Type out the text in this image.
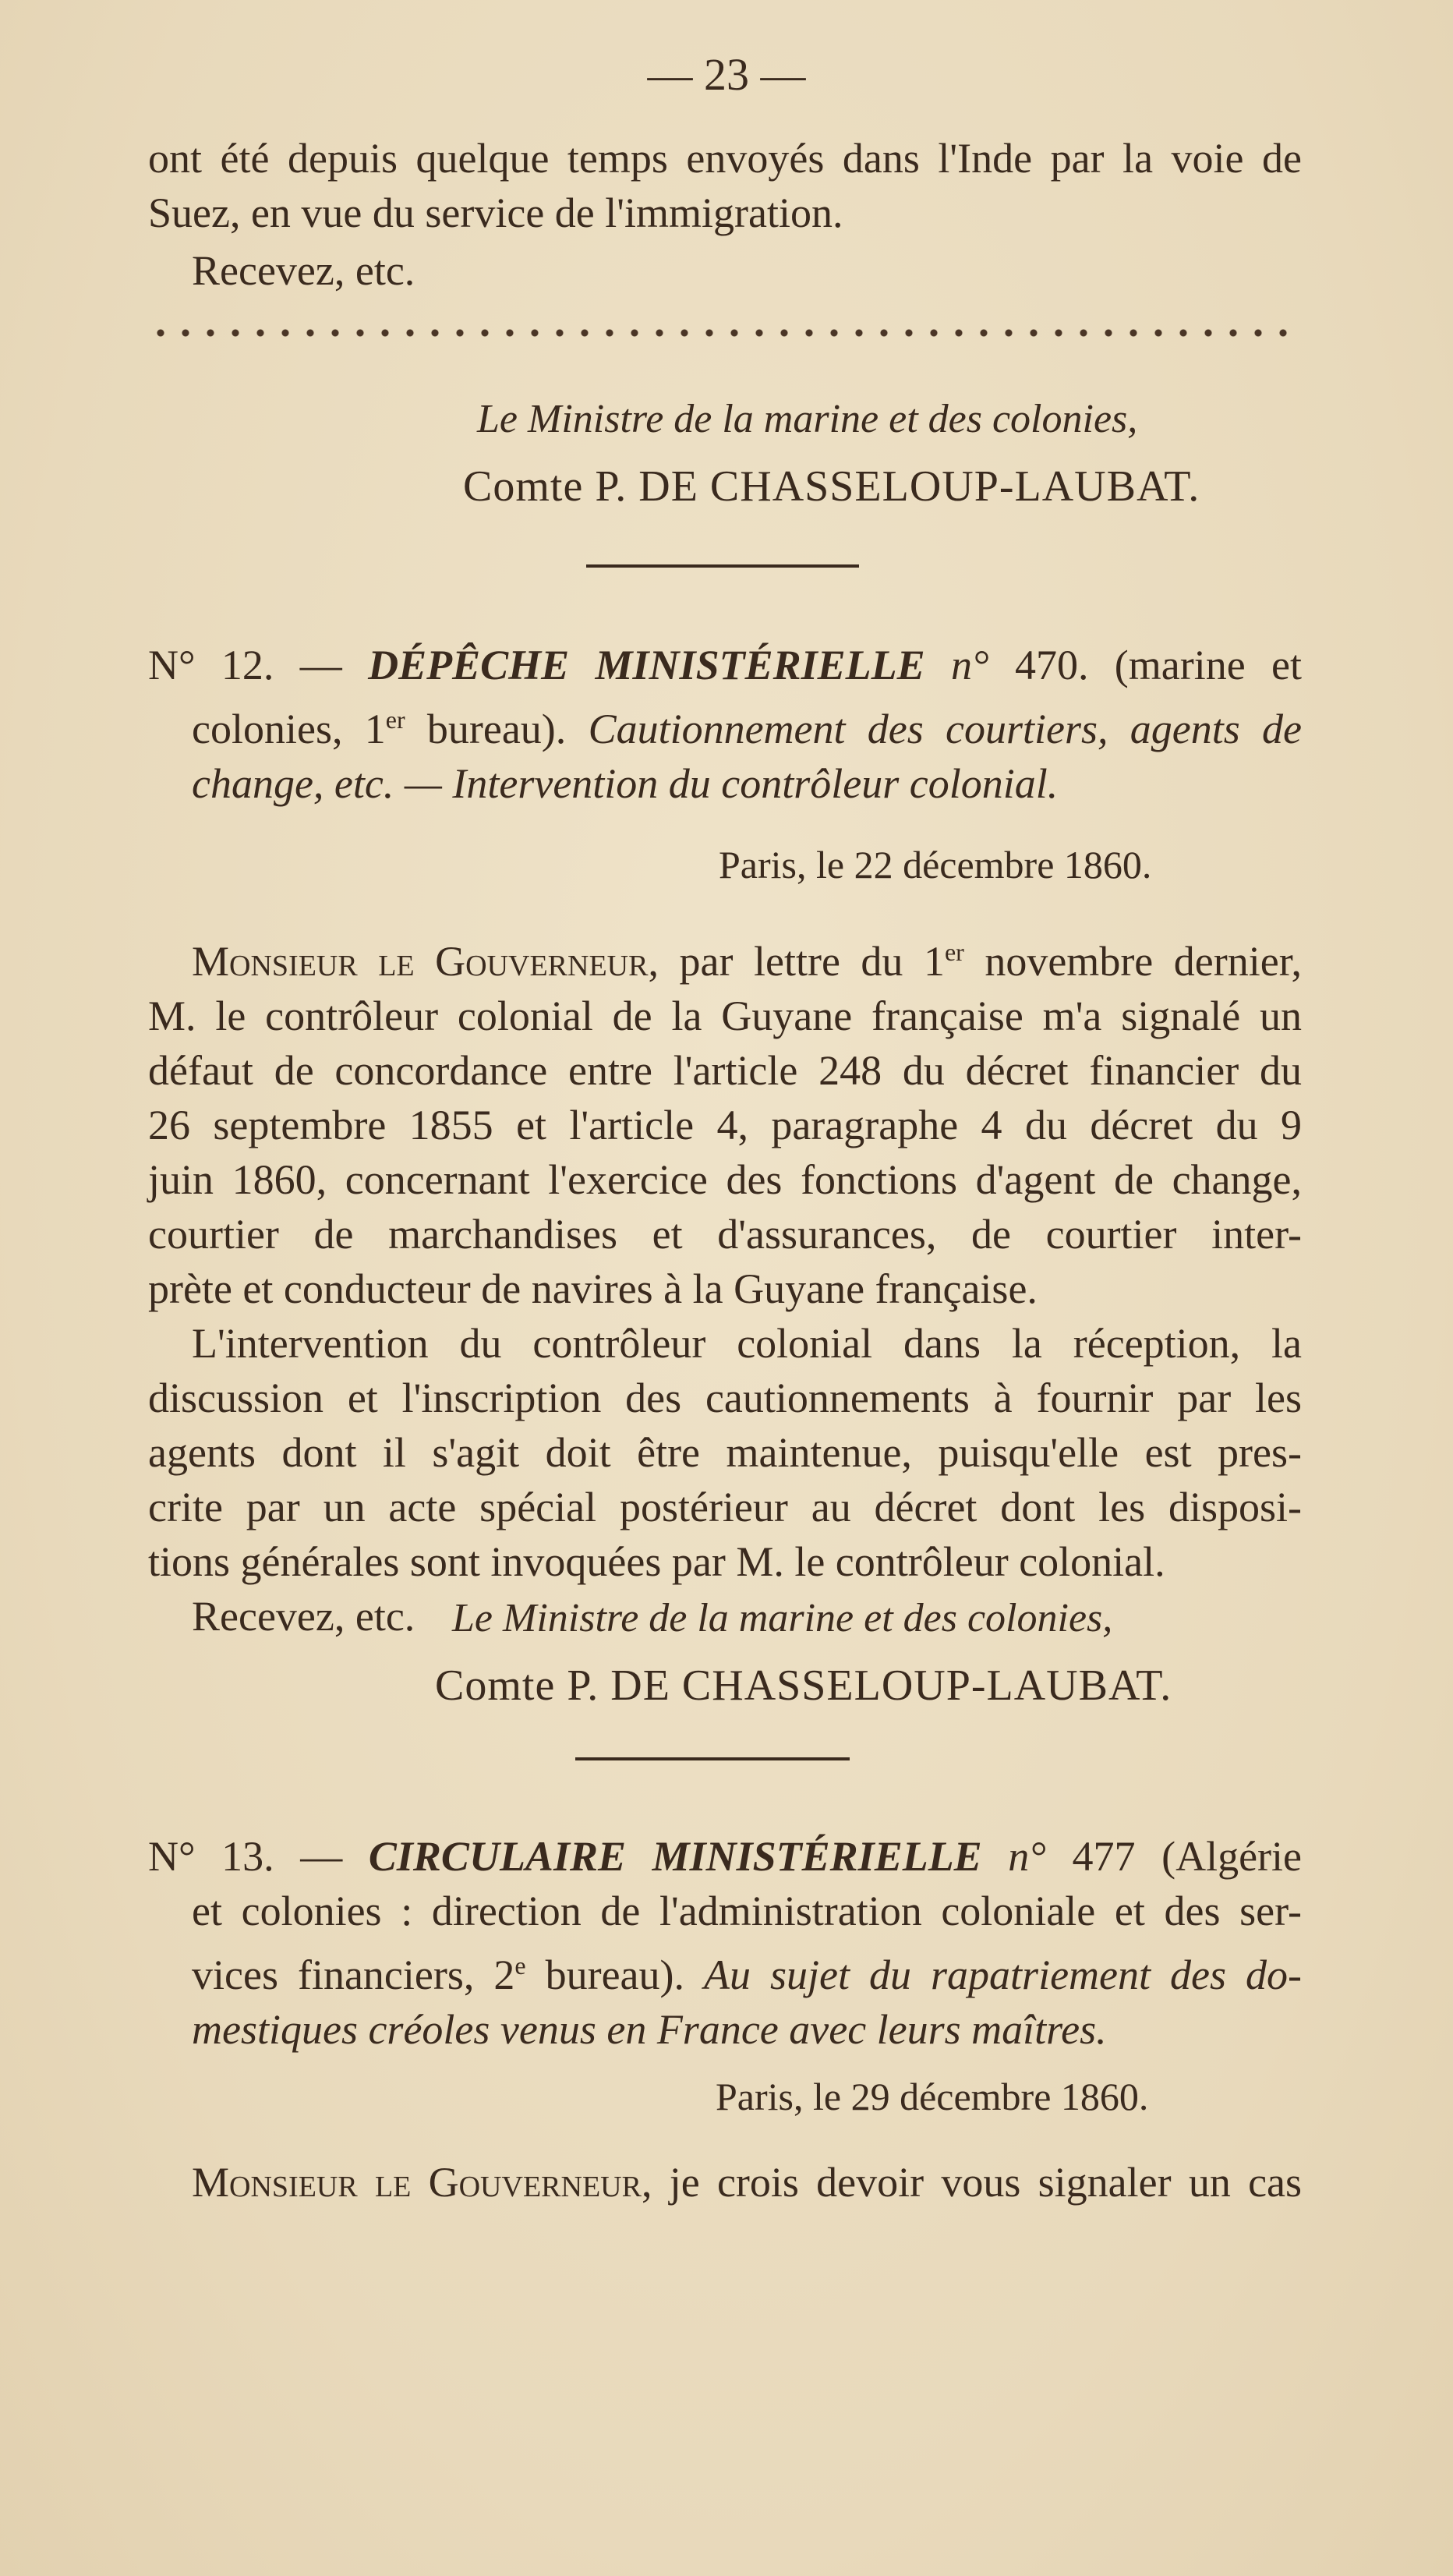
— 23 —
ont été depuis quelque temps envoyés dans l'Inde par la voie de
Suez, en vue du service de l'immigration.
Recevez, etc.
Le Ministre de la marine et des colonies,
Comte P. DE CHASSELOUP-LAUBAT.
N° 12. — DÉPÊCHE MINISTÉRIELLE n° 470. (marine et
colonies, 1er bureau). Cautionnement des courtiers, agents de
change, etc. — Intervention du contrôleur colonial.
Paris, le 22 décembre 1860.
Monsieur le Gouverneur, par lettre du 1er novembre dernier,
M. le contrôleur colonial de la Guyane française m'a signalé un
défaut de concordance entre l'article 248 du décret financier du
26 septembre 1855 et l'article 4, paragraphe 4 du décret du 9
juin 1860, concernant l'exercice des fonctions d'agent de change,
courtier de marchandises et d'assurances, de courtier inter-
prète et conducteur de navires à la Guyane française.
L'intervention du contrôleur colonial dans la réception, la
discussion et l'inscription des cautionnements à fournir par les
agents dont il s'agit doit être maintenue, puisqu'elle est pres-
crite par un acte spécial postérieur au décret dont les disposi-
tions générales sont invoquées par M. le contrôleur colonial.
Recevez, etc. Le Ministre de la marine et des colonies,
Comte P. DE CHASSELOUP-LAUBAT.
N° 13. — CIRCULAIRE MINISTÉRIELLE n° 477 (Algérie
et colonies : direction de l'administration coloniale et des ser-
vices financiers, 2e bureau). Au sujet du rapatriement des do-
mestiques créoles venus en France avec leurs maîtres.
Paris, le 29 décembre 1860.
Monsieur le Gouverneur, je crois devoir vous signaler un cas
